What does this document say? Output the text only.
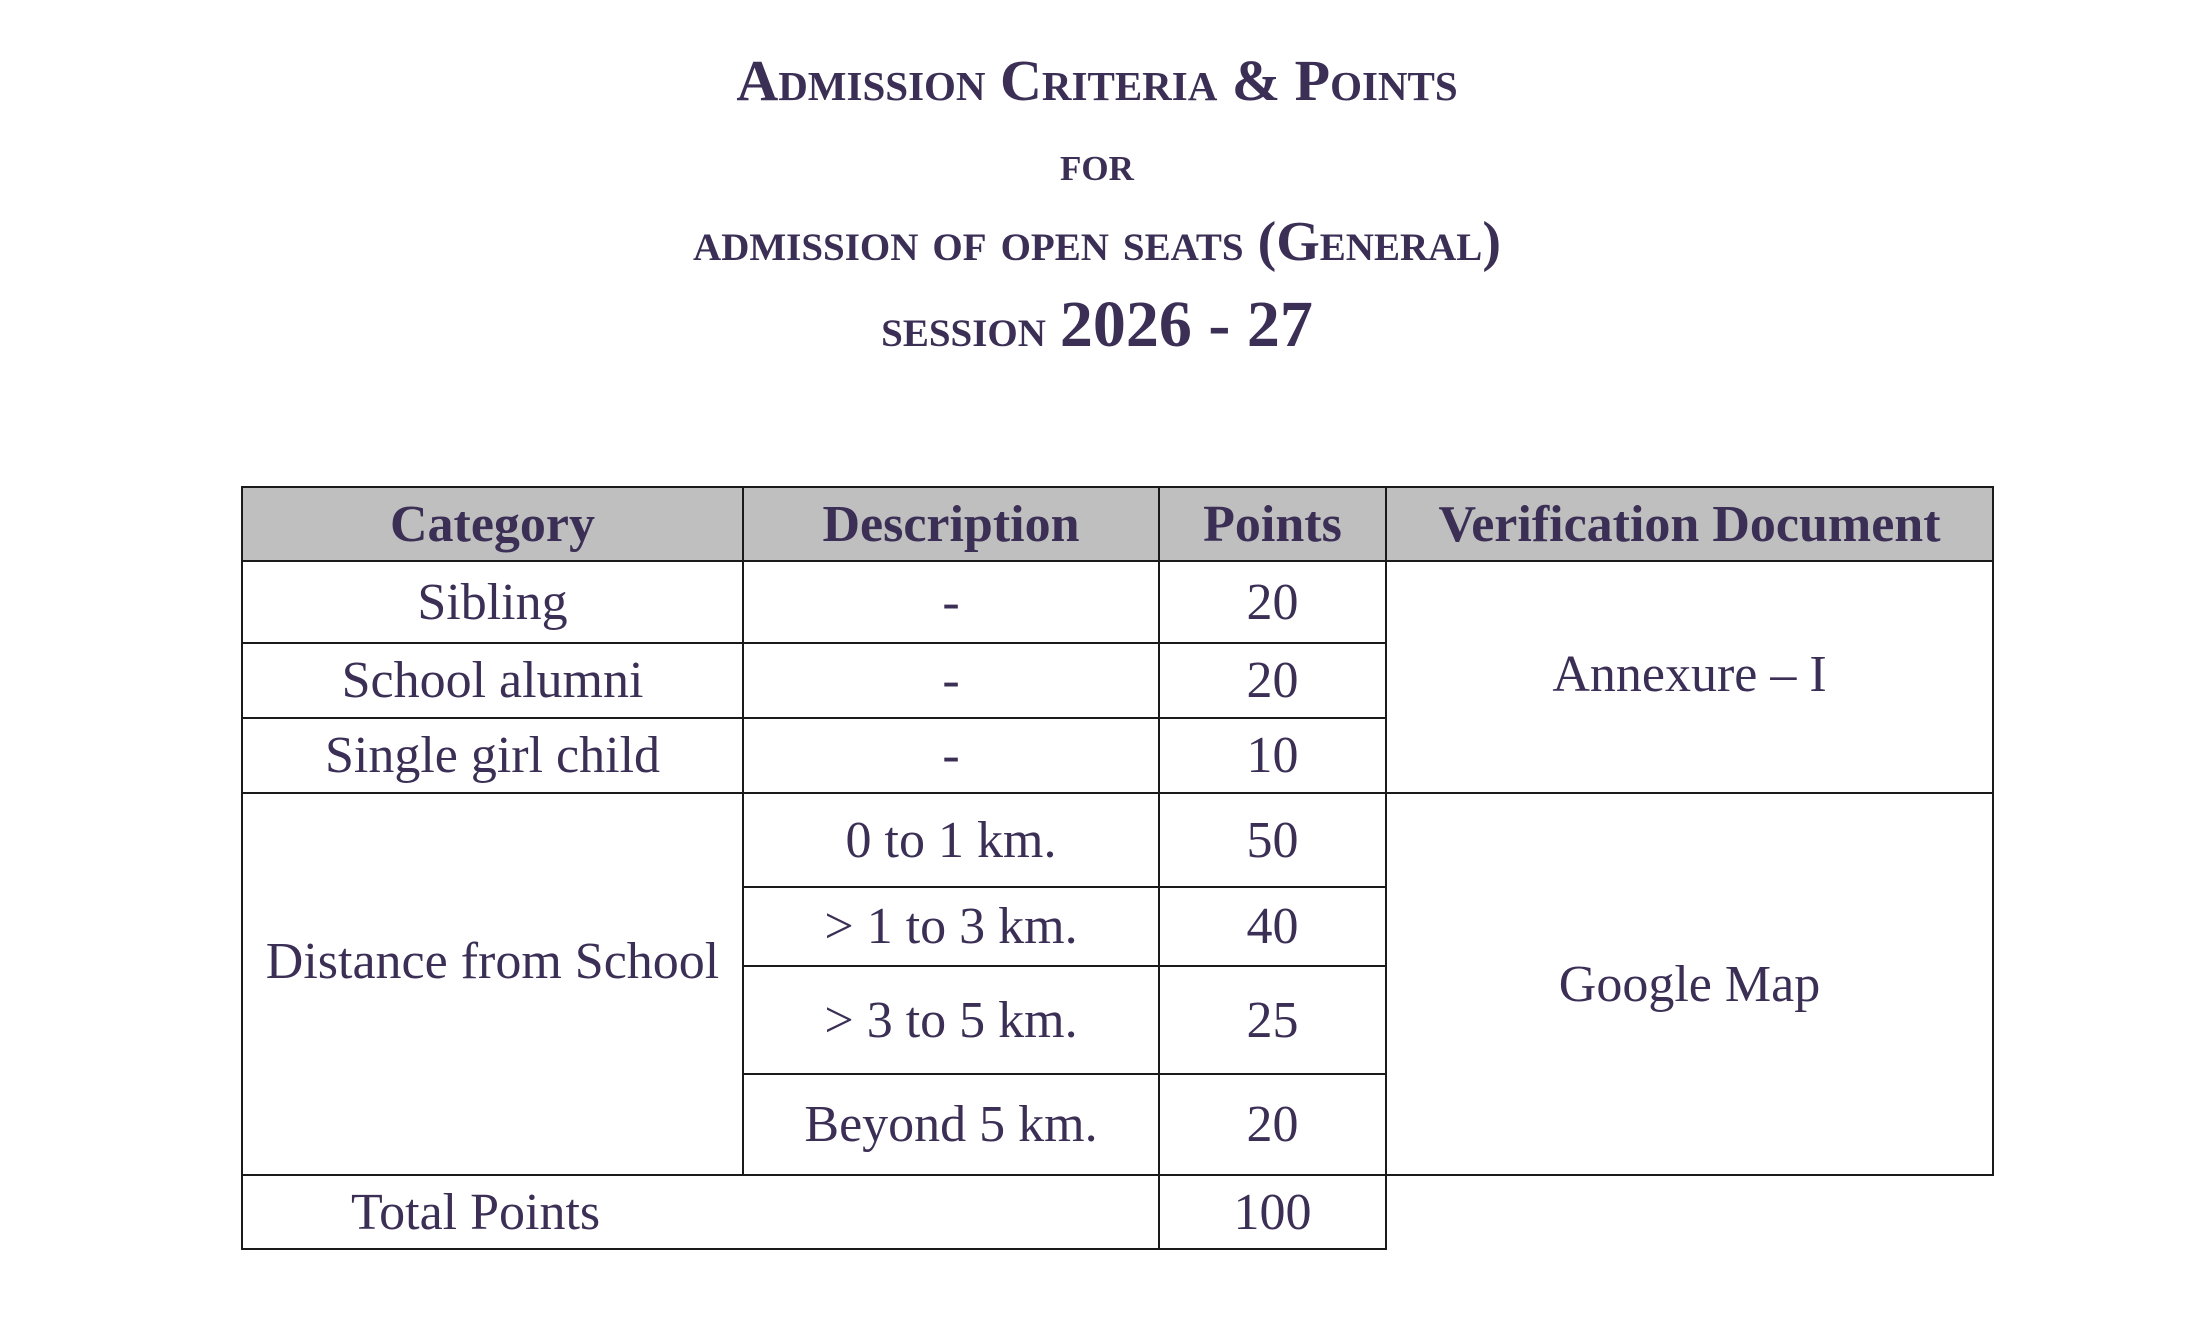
Admission Criteria & Points
for
admission of open seats (General)
session 2026 - 27
Category	Description	Points	Verification Document
Sibling	-	20	Annexure – I

School alumni	-	20	
Single girl child	-	10	

Distance from School	0 to 1 km.	50	Google Map

	> 1 to 3 km.	40	
	> 3 to 5 km.	25	
	Beyond 5 km.	20	
Total Points		100	
